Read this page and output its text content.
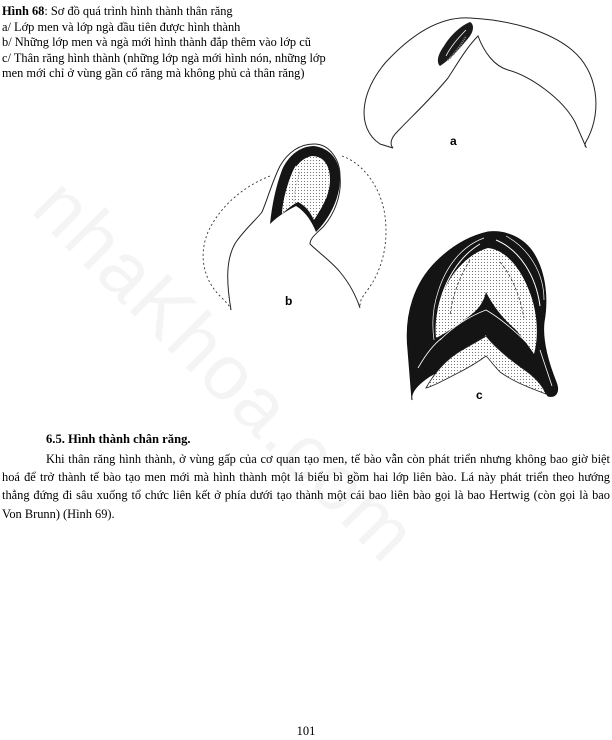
Hình 68: Sơ đồ quá trình hình thành thân răng
a/ Lớp men và lớp ngà đầu tiên được hình thành
b/ Những lớp men và ngà mới hình thành đắp thêm vào lớp cũ
c/ Thân răng hình thành (những lớp ngà mới hình nón, những lớp men mới chỉ ở vùng gần cổ răng mà không phủ cả thân răng)
a
b
c
6.5. Hình thành chân răng.
Khi thân răng hình thành, ở vùng gấp của cơ quan tạo men, tế bào vẫn còn phát triển nhưng không bao giờ biệt hoá để trở thành tế bào tạo men mới mà hình thành một lá biểu bì gồm hai lớp liên bào. Lá này phát triển theo hướng thẳng đứng đi sâu xuống tổ chức liên kết ở phía dưới tạo thành một cái bao liên bào gọi là bao Hertwig (còn gọi là bao Von Brunn) (Hình 69).
101
